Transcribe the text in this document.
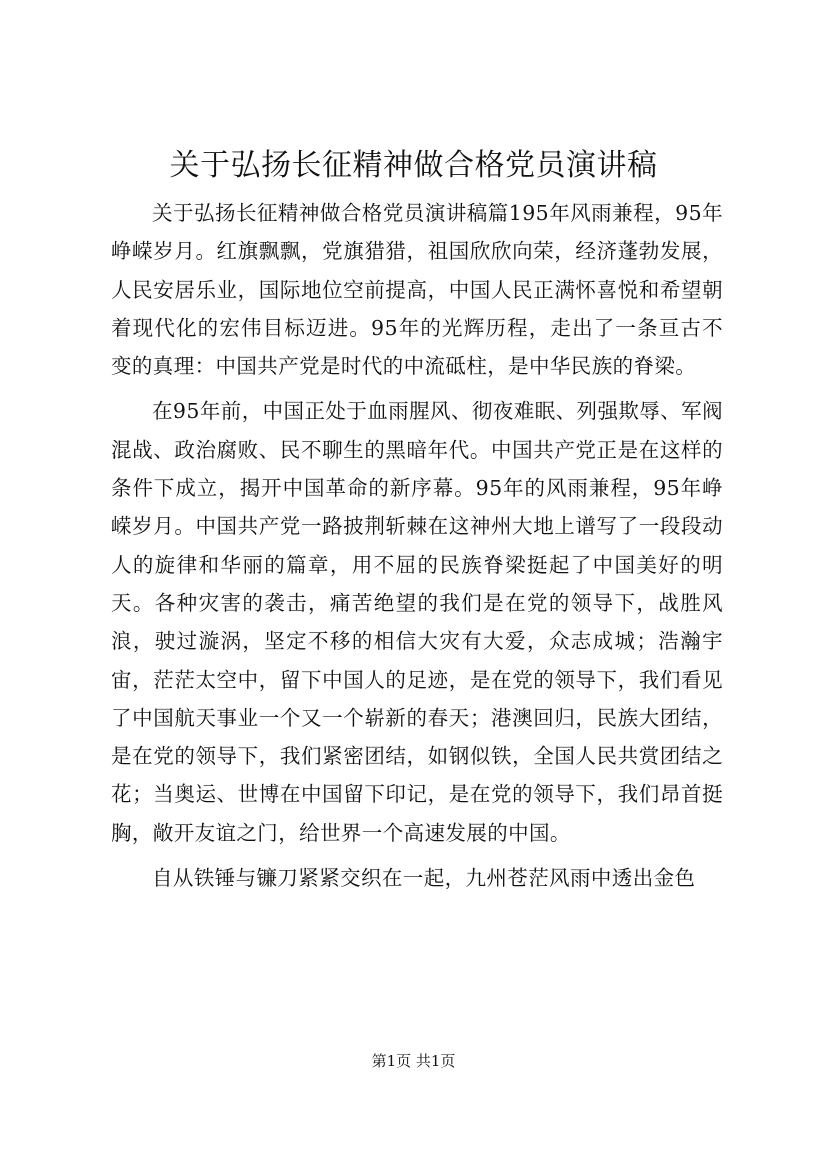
关于弘扬长征精神做合格党员演讲稿

关于弘扬长征精神做合格党员演讲稿篇195年风雨兼程，95年峥嵘岁月。红旗飘飘，党旗猎猎，祖国欣欣向荣，经济蓬勃发展，人民安居乐业，国际地位空前提高，中国人民正满怀喜悦和希望朝着现代化的宏伟目标迈进。95年的光辉历程，走出了一条亘古不变的真理：中国共产党是时代的中流砥柱，是中华民族的脊梁。

在95年前，中国正处于血雨腥风、彻夜难眠、列强欺辱、军阀混战、政治腐败、民不聊生的黑暗年代。中国共产党正是在这样的条件下成立，揭开中国革命的新序幕。95年的风雨兼程，95年峥嵘岁月。中国共产党一路披荆斩棘在这神州大地上谱写了一段段动人的旋律和华丽的篇章，用不屈的民族脊梁挺起了中国美好的明天。各种灾害的袭击，痛苦绝望的我们是在党的领导下，战胜风浪，驶过漩涡，坚定不移的相信大灾有大爱，众志成城；浩瀚宇宙，茫茫太空中，留下中国人的足迹，是在党的领导下，我们看见了中国航天事业一个又一个崭新的春天；港澳回归，民族大团结，是在党的领导下，我们紧密团结，如钢似铁，全国人民共赏团结之花；当奥运、世博在中国留下印记，是在党的领导下，我们昂首挺胸，敞开友谊之门，给世界一个高速发展的中国。

自从铁锤与镰刀紧紧交织在一起，九州苍茫风雨中透出金色

第1页 共1页
